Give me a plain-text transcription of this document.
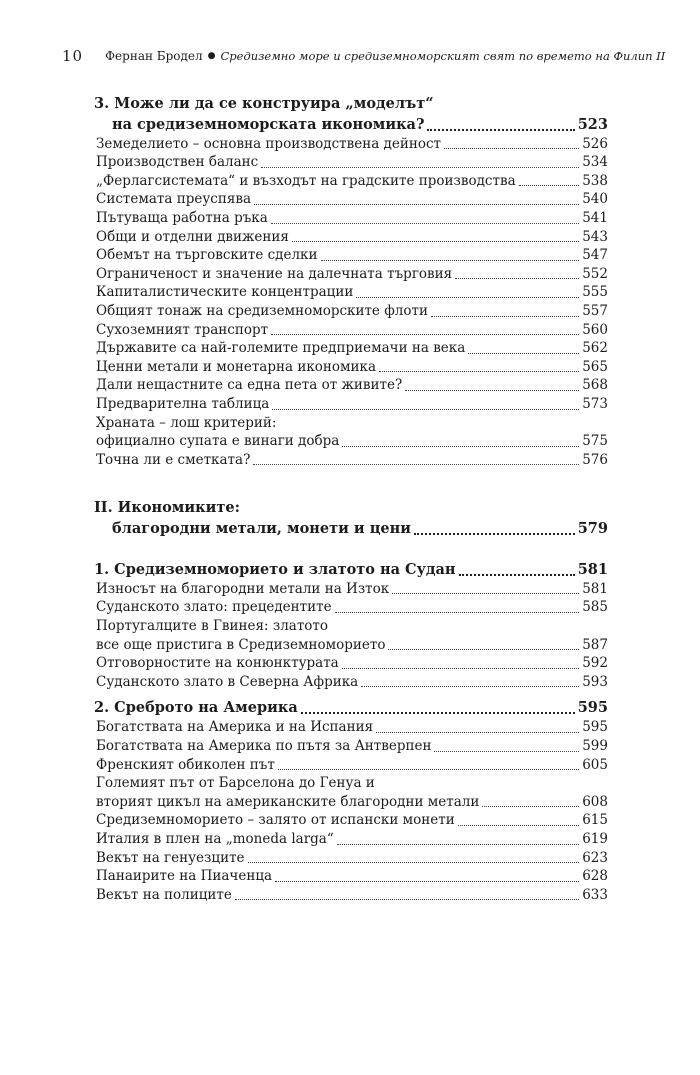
10 Фернан Бродел ● Средиземно море и средиземноморският свят по времето на Филип II
3. Може ли да се конструира „моделът“
на средиземноморската икономика?	523
Земеделието – основна производствена дейност	526
Производствен баланс	534
„Ферлагсистемата“ и възходът на градските производства	538
Системата преуспява	540
Пътуваща работна ръка	541
Общи и отделни движения	543
Обемът на търговските сделки	547
Ограниченост и значение на далечната търговия	552
Капиталистическите концентрации	555
Общият тонаж на средиземноморските флоти	557
Сухоземният транспорт	560
Държавите са най-големите предприемачи на века	562
Ценни метали и монетарна икономика	565
Дали нещастните са една пета от живите?	568
Предварителна таблица	573
Храната – лош критерий:
официално супата е винаги добра	575
Точна ли е сметката?	576
II. Икономиките:
благородни метали, монети и цени	579
1. Средиземноморието и златото на Судан	581
Износът на благородни метали на Изток	581
Суданското злато: прецедентите	585
Португалците в Гвинея: златото
все още пристига в Средиземноморието	587
Отговорностите на конюнктурата	592
Суданското злато в Северна Африка	593
2. Среброто на Америка	595
Богатствата на Америка и на Испания	595
Богатствата на Америка по пътя за Антверпен	599
Френският обиколен път	605
Големият път от Барселона до Генуа и
вторият цикъл на американските благородни метали	608
Средиземноморието – залято от испански монети	615
Италия в плен на „moneda larga“	619
Векът на генуезците	623
Панаирите на Пиаченца	628
Векът на полиците	633
